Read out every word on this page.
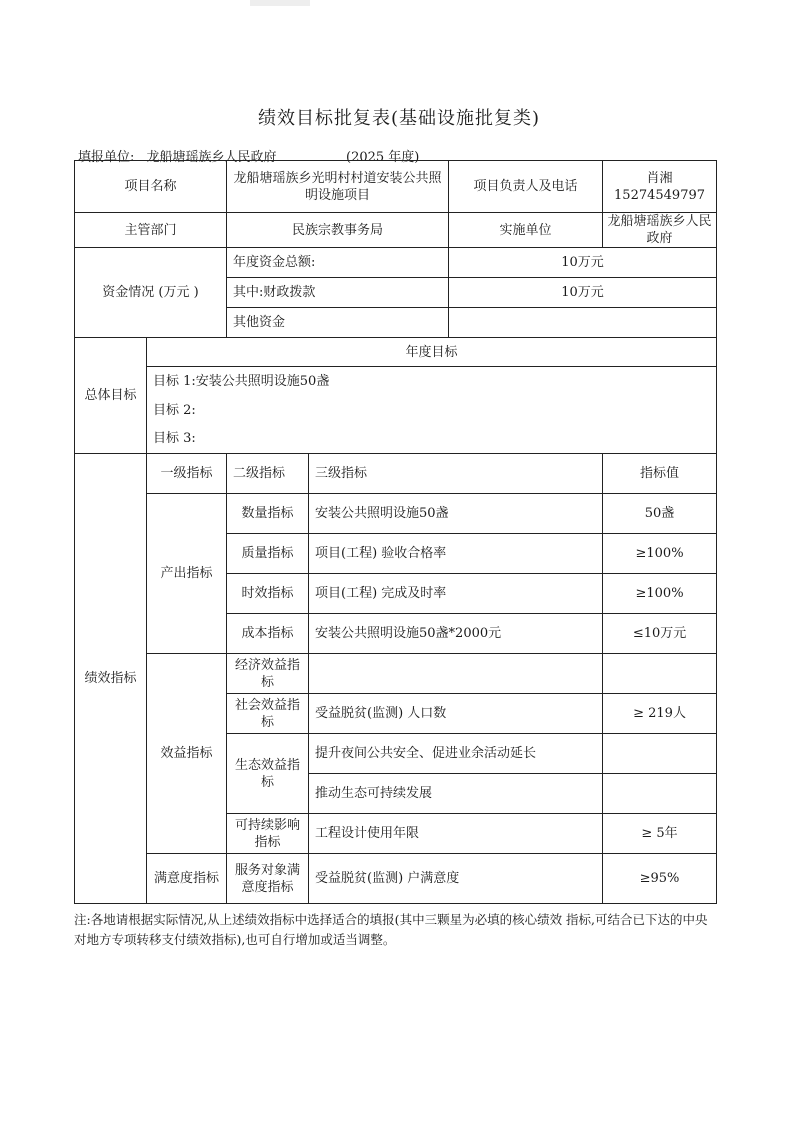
绩效目标批复表(基础设施批复类)
填报单位: 龙船塘瑶族乡人民政府	(2025 年度)
项目名称		龙船塘瑶族乡光明村村道安装公共照明设施项目		项目负责人及电话	肖湘 15274549797
主管部门		民族宗教事务局		实施单位	龙船塘瑶族乡人民政府
资金情况 (万元 )		年度资金总额:		10万元	
		其中:财政拨款		10万元	
		其他资金			
总体目标	年度目标				
	目标 1:安装公共照明设施50盏				
	目标 2:				
	目标 3:				
绩效指标	一级指标	二级指标	三级指标		指标值
	产出指标	数量指标	安装公共照明设施50盏		50盏
		质量指标	项目(工程) 验收合格率		≥100%
		时效指标	项目(工程) 完成及时率		≥100%
		成本指标	安装公共照明设施50盏*2000元		≤10万元
	效益指标	经济效益指标			
		社会效益指标	受益脱贫(监测) 人口数		≥ 219人
		生态效益指标	提升夜间公共安全、促进业余活动延长		
			推动生态可持续发展		
		可持续影响指标	工程设计使用年限		≥ 5年
	满意度指标	服务对象满意度指标	受益脱贫(监测) 户满意度		≥95%
注:各地请根据实际情况,从上述绩效指标中选择适合的填报(其中三颗星为必填的核心绩效 指标,可结合已下达的中央对地方专项转移支付绩效指标),也可自行增加或适当调整。
